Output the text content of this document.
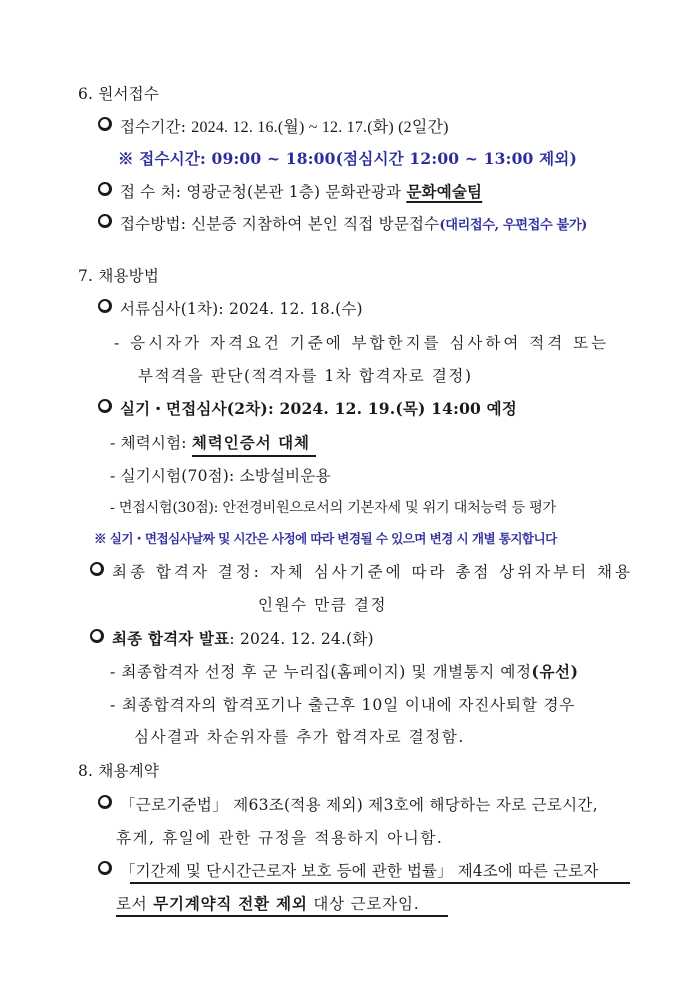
6. 원서접수
접수기간: 2024. 12. 16.(월) ~ 12. 17.(화) (2일간)
※ 접수시간: 09:00 ~ 18:00(점심시간 12:00 ~ 13:00 제외)
접 수 처: 영광군청(본관 1층) 문화관광과 문화예술팀
접수방법: 신분증 지참하여 본인 직접 방문접수(대리접수, 우편접수 불가)
7. 채용방법
서류심사(1차): 2024. 12. 18.(수)
- 응시자가 자격요건 기준에 부합한지를 심사하여 적격 또는
부적격을 판단(적격자를 1차 합격자로 결정)
실기・면접심사(2차): 2024. 12. 19.(목) 14:00 예정
- 체력시험: 체력인증서 대체
- 실기시험(70점): 소방설비운용
- 면접시험(30점): 안전경비원으로서의 기본자세 및 위기 대처능력 등 평가
※ 실기・면접심사날짜 및 시간은 사정에 따라 변경될 수 있으며 변경 시 개별 통지합니다
최종 합격자 결정: 자체 심사기준에 따라 총점 상위자부터 채용
인원수 만큼 결정
최종 합격자 발표: 2024. 12. 24.(화)
- 최종합격자 선정 후 군 누리집(홈페이지) 및 개별통지 예정(유선)
- 최종합격자의 합격포기나 출근후 10일 이내에 자진사퇴할 경우
심사결과 차순위자를 추가 합격자로 결정함.
8. 채용계약
「근로기준법」 제63조(적용 제외) 제3호에 해당하는 자로 근로시간,
휴게, 휴일에 관한 규정을 적용하지 아니함.
「기간제 및 단시간근로자 보호 등에 관한 법률」 제4조에 따른 근로자
로서 무기계약직 전환 제외 대상 근로자임.
